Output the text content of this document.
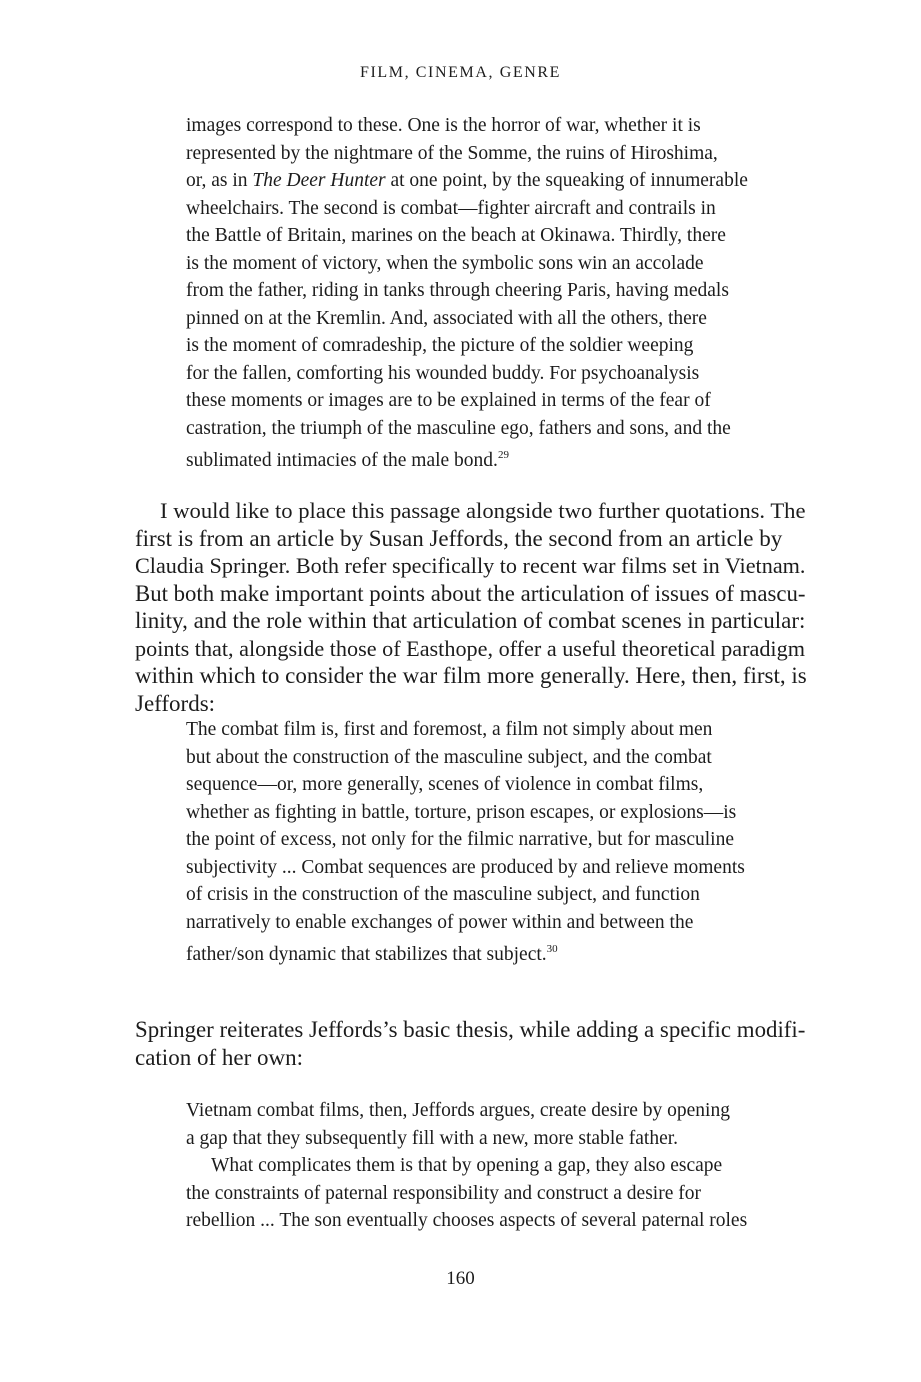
FILM, CINEMA, GENRE
images correspond to these. One is the horror of war, whether it is
represented by the nightmare of the Somme, the ruins of Hiroshima,
or, as in The Deer Hunter at one point, by the squeaking of innumerable
wheelchairs. The second is combat—fighter aircraft and contrails in
the Battle of Britain, marines on the beach at Okinawa. Thirdly, there
is the moment of victory, when the symbolic sons win an accolade
from the father, riding in tanks through cheering Paris, having medals
pinned on at the Kremlin. And, associated with all the others, there
is the moment of comradeship, the picture of the soldier weeping
for the fallen, comforting his wounded buddy. For psychoanalysis
these moments or images are to be explained in terms of the fear of
castration, the triumph of the masculine ego, fathers and sons, and the
sublimated intimacies of the male bond.$^{29}$
I would like to place this passage alongside two further quotations. The
first is from an article by Susan Jeffords, the second from an article by
Claudia Springer. Both refer specifically to recent war films set in Vietnam.
But both make important points about the articulation of issues of mascu-
linity, and the role within that articulation of combat scenes in particular:
points that, alongside those of Easthope, offer a useful theoretical paradigm
within which to consider the war film more generally. Here, then, first, is
Jeffords:
The combat film is, first and foremost, a film not simply about men
but about the construction of the masculine subject, and the combat
sequence—or, more generally, scenes of violence in combat films,
whether as fighting in battle, torture, prison escapes, or explosions—is
the point of excess, not only for the filmic narrative, but for masculine
subjectivity ... Combat sequences are produced by and relieve moments
of crisis in the construction of the masculine subject, and function
narratively to enable exchanges of power within and between the
father/son dynamic that stabilizes that subject.$^{30}$
Springer reiterates Jeffords’s basic thesis, while adding a specific modifi-
cation of her own:
Vietnam combat films, then, Jeffords argues, create desire by opening
a gap that they subsequently fill with a new, more stable father.
What complicates them is that by opening a gap, they also escape
the constraints of paternal responsibility and construct a desire for
rebellion ... The son eventually chooses aspects of several paternal roles
160
